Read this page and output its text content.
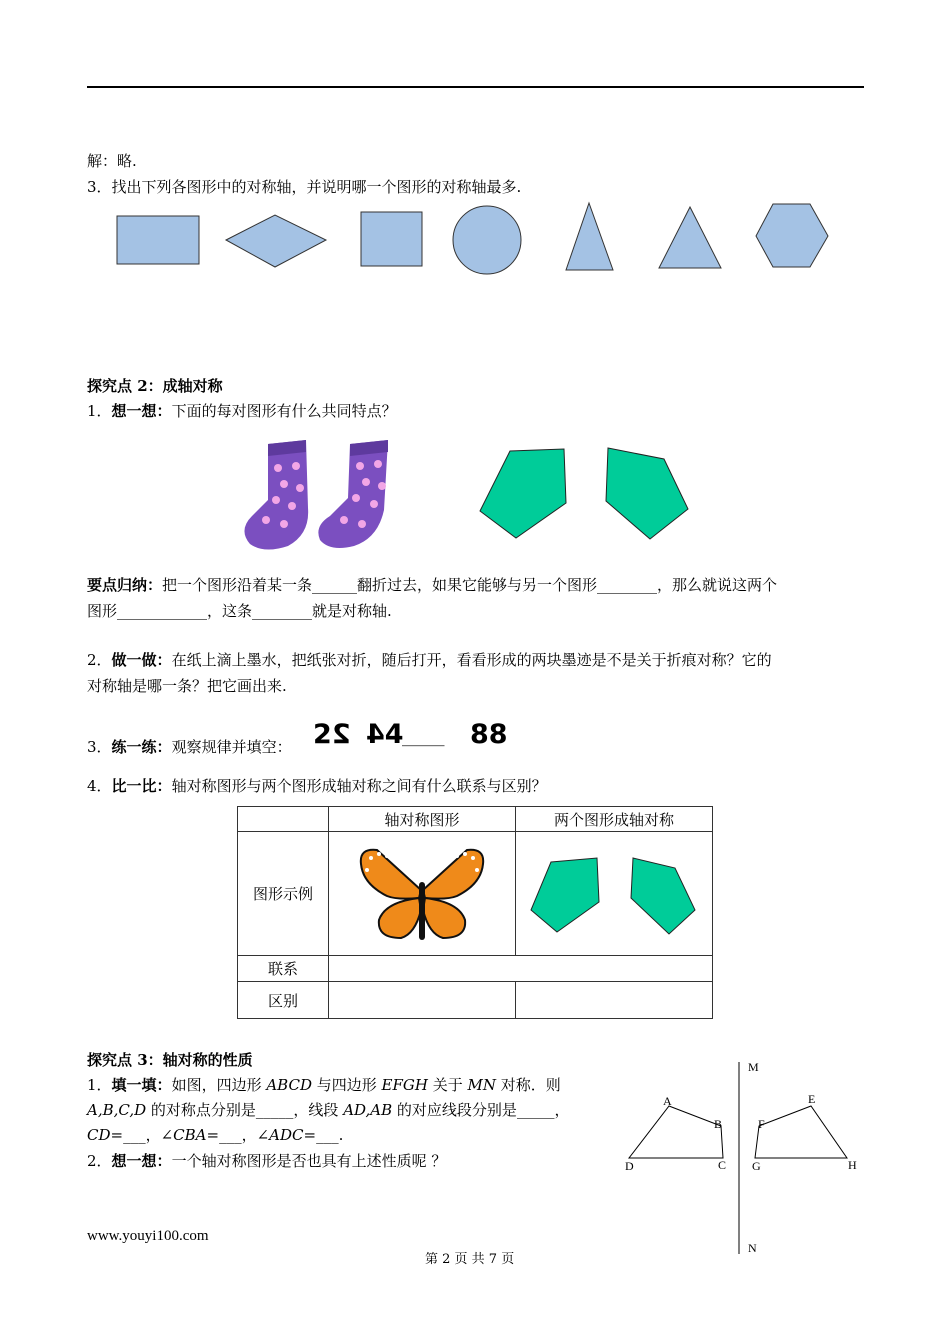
解：略.
3．找出下列各图形中的对称轴，并说明哪一个图形的对称轴最多.
探究点 2：成轴对称
1．想一想：下面的每对图形有什么共同特点？
要点归纳：把一个图形沿着某一条______翻折过去，如果它能够与另一个图形________，那么就说这两个
图形____________，这条________就是对称轴.
2．做一做：在纸上滴上墨水，把纸张对折，随后打开，看看形成的两块墨迹是不是关于折痕对称？它的
对称轴是哪一条？把它画出来.
3．练一练：观察规律并填空： 22 44
_____ 88
4．比一比：轴对称图形与两个图形成轴对称之间有什么联系与区别？
	轴对称图形	两个图形成轴对称
图形示例	

联系		
区别		
探究点 3：轴对称的性质
1．填一填：如图，四边形 ABCD 与四边形 EFGH 关于 MN 对称．则
A,B,C,D 的对称点分别是_____，线段 AD,AB 的对应线段分别是_____，
CD=___，∠CBA=___，∠ADC=___.
2．想一想：一个轴对称图形是否也具有上述性质呢 ？
M
N
A
B
C
D
E
F
G	H
www.youyi100.com
第 2 页 共 7 页
